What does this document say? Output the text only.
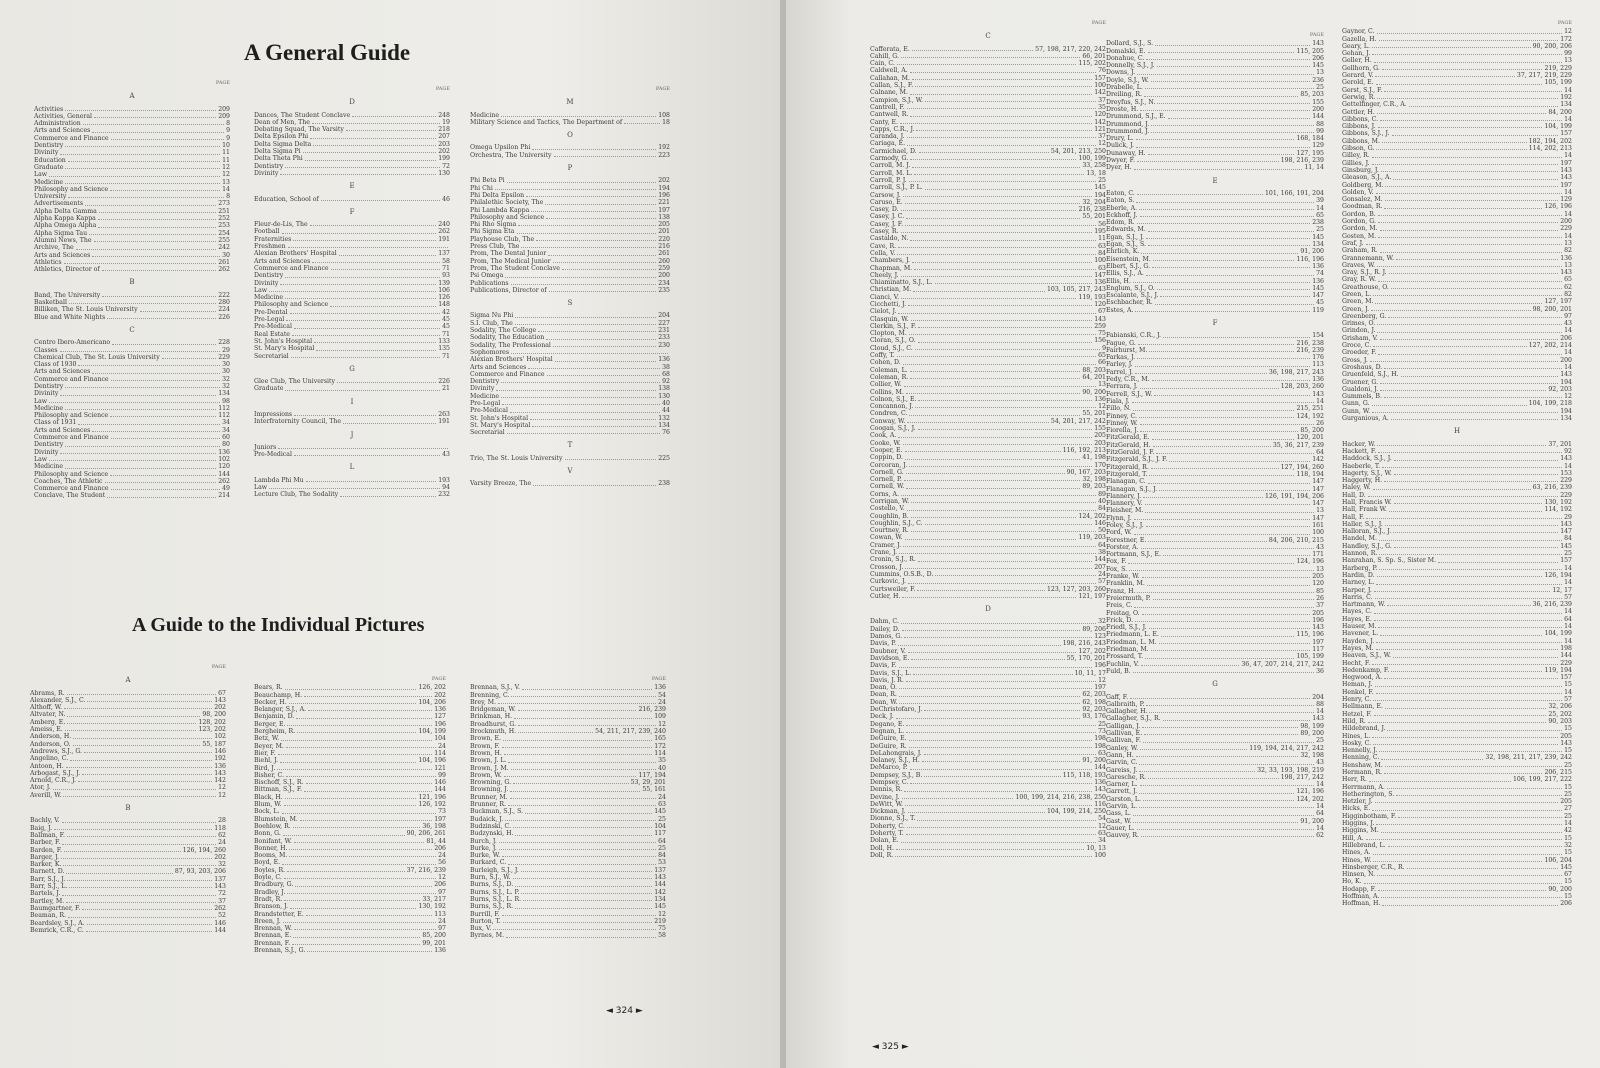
A General Guide
PAGE
A
Activities	209
Activities, General	209
Administration	8
Arts and Sciences	9
Commerce and Finance	9
Dentistry	10
Divinity	11
Education	11
Graduate	12
Law	12
Medicine	13
Philosophy and Science	14
University	8
Advertisements	273
Alpha Delta Gamma	251
Alpha Kappa Kappa	252
Alpha Omega Alpha	253
Alpha Sigma Tau	254
Alumni News, The	255
Archive, The	242
Arts and Sciences	30
Athletics	261
Athletics, Director of	262
B
Band, The University	222
Basketball	280
Billiken, The St. Louis University	224
Blue and White Nights	226
C
Centro Ibero-Americano	228
Classes	29
Chemical Club, The St. Louis University	229
Class of 1930	30
Arts and Sciences	30
Commerce and Finance	32
Dentistry	32
Divinity	134
Law	98
Medicine	112
Philosophy and Science	112
Class of 1931	34
Arts and Sciences	34
Commerce and Finance	60
Dentistry	80
Divinity	136
Law	102
Medicine	120
Philosophy and Science	144
Coaches, The Athletic	262
Commerce and Finance	49
Conclave, The Student	214
PAGE
D
Dances, The Student Conclave	248
Dean of Men, The	19
Debating Squad, The Varsity	218
Delta Epsilon Phi	207
Delta Sigma Delta	203
Delta Sigma Pi	202
Delta Theta Phi	199
Dentistry	72
Divinity	130
E
Education, School of	46
F
Fleur-de-Lis, The	240
Football	262
Fraternities	191
Freshmen
Alexian Brothers' Hospital	137
Arts and Sciences	58
Commerce and Finance	71
Dentistry	93
Divinity	139
Law	106
Medicine	126
Philosophy and Science	148
Pre-Dental	42
Pre-Legal	45
Pre-Medical	45
Real Estate	71
St. John's Hospital	133
St. Mary's Hospital	135
Secretarial	71
G
Glee Club, The University	226
Graduate	21
I
Impressions	263
Interfraternity Council, The	191
J
Juniors
Pre-Medical	43
L
Lambda Phi Mu	193
Law	94
Lecture Club, The Sodality	232
PAGE
M
Medicine	108
Military Science and Tactics, The Department of	18
O
Omega Upsilon Phi	192
Orchestra, The University	223
P
Phi Beta Pi	202
Phi Chi	194
Phi Delta Epsilon	196
Philalethic Society, The	221
Phi Lambda Kappa	197
Philosophy and Science	138
Phi Rho Sigma	205
Phi Sigma Eta	201
Playhouse Club, The	220
Press Club, The	216
Prom, The Dental Junior	261
Prom, The Medical Junior	260
Prom, The Student Conclave	259
Psi Omega	200
Publications	234
Publications, Director of	235
S
Sigma Nu Phi	204
S.I. Club, The	227
Sodality, The College	231
Sodality, The Education	233
Sodality, The Professional	230
Sophomores
Alexian Brothers' Hospital	136
Arts and Sciences	38
Commerce and Finance	68
Dentistry	92
Divinity	138
Medicine	130
Pre-Legal	40
Pre-Medical	44
St. John's Hospital	132
St. Mary's Hospital	134
Secretarial	76
T
Trio, The St. Louis University	225
V
Varsity Breeze, The	238
A Guide to the Individual Pictures
PAGE
A
Abrams, R.	67
Alexander, S.J., C.	143
Althoff, W.	202
Altvater, N.	98, 200
Amberg, E.	128, 202
Ameiss, E.	123, 202
Anderson, H.	102
Anderson, O.	55, 187
Andrews, S.J., G.	146
Angelino, C.	192
Antoon, H.	136
Arbogast, S.J., J.	143
Arnold, C.R., J.	142
Ator, J.	12
Averill, W.	12
B
Bachly, V.	28
Baig, J.	118
Ballman, F.	62
Barber, F.	24
Barden, F.	126, 194, 260
Barger, J.	202
Barker, K.	32
Barnett, D.	87, 93, 203, 206
Barr, S.J., J.	137
Barr, S.J., L.	143
Bartels, J.	72
Bartley, M.	37
Baumgartner, F.	262
Beaman, R.	52
Beardsley, S.J., A.	146
Bemrick, C.R., C.	144
PAGE
Bears, R.	126, 202
Beauchamp, H.	202
Becker, H.	104, 206
Belanger, S.J., A.	136
Benjamin, D.	127
Berger, E.	196
Bergheim, R.	104, 199
Betz, W.	104
Beyer, M.	24
Bier, F.	114
Biehl, J.	104, 196
Bird, J.	121
Bisher, C.	99
Bischoff, S.J., R.	146
Bittman, S.J., F.	144
Black, H.	121, 196
Blum, W.	126, 192
Bock, L.	73
Blumstein, M.	197
Boehlow, R.	36, 198
Bonn, G.	90, 206, 261
Bonifant, W.	81, 44
Bonner, H.	206
Booms, M.	24
Boyd, E.	56
Boyles, R.	37, 216, 239
Boyle, C.	12
Bradbury, G.	206
Bradley, J.	97
Bradt, R.	33, 217
Branson, J.	130, 192
Brandstetter, E.	113
Breen, J.	24
Brennan, W.	97
Brennan, E.	85, 200
Brennan, F.	99, 201
Brennan, S.J., G.	136
PAGE
Brennan, S.J., V.	136
Brenning, C.	54
Brey, M.	24
Bridgeman, W.	216, 239
Brinkman, H.	109
Broadhurst, G.	12
Brockmuth, H.	54, 211, 217, 239, 240
Brown, E.	165
Brown, F.	172
Brown, H.	114
Brown, J. L.	35
Brown, J. M.	40
Brown, W.	117, 194
Browning, G.	53, 29, 201
Browning, J.	55, 161
Brunner, M.	24
Brunner, R.	63
Buckman, S.J., S.	145
Budaick, J.	25
Budzinski, C.	104
Budzynski, H.	117
Burch, J.	64
Burke, J.	25
Burke, W.	84
Burkard, C.	53
Burleigh, S.J., J.	137
Burn, S.J., W.	143
Burns, S.J., D.	144
Burns, S.J., L. P.	142
Burns, S.J., L. R.	134
Burns, S.J., R.	145
Burrill, F.	12
Burton, T.	219
Bux, V.	75
Byrnes, M.	58
◄ 324 ►
PAGE
C
Cafferata, E.	57, 198, 217, 220, 242
Cahill, G.	66, 201
Cain, C.	115, 202
Caldwell, A.	76
Callahan, M.	157
Callan, S.J., F.	100
Calnane, M.	142
Campion, S.J., W.	37
Cantrell, F.	35
Cantwell, R.	120
Canty, E.	142
Capps, C.R., J.	121
Caranda, J.	37
Cariaga, E.	12
Carmichael, D.	54, 201, 213, 250
Carmody, G.	100, 199
Carroll, M. J.	33, 258
Carroll, M. L.	13, 18
Carroll, P. J.	25
Carroll, S.J., P. L.	145
Carsow, J.	194
Caruso, E.	32, 204
Casey, D.	216, 238
Casey, J. C.	55, 201
Casey, J. F.	56
Casey, R.	195
Castaldo, N.	11
Cave, R.	63
Cella, V.	84
Chambers, J.	100
Chapman, M.	63
Cheely, J.	147
Chiaminatto, S.J., L.	136
Christian, M.	103, 105, 217, 243
Cianci, V.	119, 193
Cicchetti, J.	120
Cielot, J.	67
Clasquin, W.	143
Clerkin, S.J., F.	259
Clopton, M.	75
Cloran, S.J., O.	156
Cloud, S.J., C.	9
Coffy, T.	65
Cohen, D.	66
Coleman, L.	88, 203
Coleman, R.	64, 201
Collier, W.	13
Collins, M.	90, 200
Colnon, S.J., E.	136
Concannon, J.	12
Condren, C.	55, 201
Conway, W.	54, 201, 217, 242
Coogan, S.J., J.	155
Cook, A.	205
Cooke, W.	203
Cooper, E.	116, 192, 213
Coppin, D.	41, 198
Corcoran, J.	170
Cornell, G.	90, 167, 203
Cornell, P.	32, 198
Cornell, W.	89, 203
Corns, A.	89
Corrigan, W.	40
Costello, V.	84
Coughlin, B.	124, 202
Coughlin, S.J., C.	146
Courtney, R.	50
Cowan, W.	119, 203
Cramer, J.	64
Crane, J.	38
Cronin, S.J., R.	144
Crosson, J.	207
Cummins, O.S.B., D.	24
Curkovic, J.	57
Curtsweiler, F.	123, 127, 203, 260
Cutler, H.	121, 197
D
Dahm, C.	32
Dailey, D.	89, 206
Damos, G.	123
Davis, P.	198, 216, 243
Daubner, V.	127, 202
Davidson, E.	55, 170, 201
Davis, F.	196
Davis, S.J., L.	10, 11, 17
Davis, J. R.	12
Dean, O.	197
Dean, R.	62, 203
Dean, W.	62, 198
DeChristofaro, J.	92, 203
Deck, J.	93, 176
Degano, E.	25
Degnan, L.	73
DeGuire, E.	198
DeGuire, R.	198
DeLahongrais, J.	63
Delaney, S.J., H.	91, 200
DeMarco, P.	144
Dempsey, S.J., B.	115, 118, 193
Dempsey, C.	136
Dennis, R.	143
Devine, J.	100, 199, 214, 216, 238, 250
DeWitt, W.	116
Dickman, J.	104, 199, 214, 250
Dionne, S.J., T.	54
Doherty, C.	12
Doherty, T.	63
Dolan, E.	34
Doll, H.	10, 13
Doll, R.	100
PAGE
Dollard, S.J., S.	143
Domalski, E.	115, 205
Donahue, C.	206
Donnelly, S.J., J.	145
Downs, J.	13
Doyle, S.J., W.	236
Drabelle, L.	25
Dreiling, R.	85, 203
Dreyfus, S.J., N.	155
Droste, H.	200
Drummond, S.J., E.	144
Drummond, J.	88
Drummond, J.	99
Drury, L.	168, 184
Dulick, J.	129
Dunaway, H.	127, 195
Dwyer, F.	198, 216, 239
Dyer, H.	11, 14
E
Eaton, C.	101, 166, 191, 204
Eaton, S.	39
Eberle, A.	14
Eckhoff, J.	65
Edom, R.	238
Edwards, M.	25
Egan, S.J., J.	145
Egan, S.J., S.	134
Ehrlich, K.	91, 200
Eisenstein, M.	116, 196
Elbert, S.J., G.	136
Ellis, S.J., A.	74
Ellis, H.	136
Englum, S.J., O.	145
Escalante, S.J., J.	147
Eschbacher, R.	45
Estes, A.	119
F
Fabianski, C.R., J.	154
Fague, G.	216, 238
Fairhurst, M.	216, 239
Farkas, J.	176
Farley, J.	113
Farrel, J.	36, 198, 217, 243
Fedy, C.R., M.	136
Ferrara, J.	128, 203, 260
Ferrell, S.J., W.	143
Fiala, J.	14
Fillo, N.	215, 251
Finney, C.	124, 192
Finney, W.	26
Fiorella, J.	85, 200
FitzGerald, E.	120, 201
FitzGerald, H.	35, 36, 217, 239
FitzGerald, J. F.	64
Fitzgerald, S.J., J. F.	142
Fitzgerald, R.	127, 194, 260
Fitzgerald, T.	118, 194
Flanagan, C.	147
Flanagan, S.J., J.	147
Flannery, J.	126, 191, 194, 206
Flannery, V.	147
Fleisher, M.	13
Flynn, J.	147
Foley, S.J., J.	161
Ford, W.	100
Forestner, E.	84, 206, 210, 215
Forster, A.	43
Fortmann, S.J., E.	171
Fox, F.	124, 196
Fox, S.	13
Franke, W.	205
Franklin, M.	120
Franz, H.	85
Freiermuth, P.	26
Freis, C.	37
Freitag, O.	205
Frick, D.	196
Friedl, S.J., J.	143
Friedmann, L. E.	115, 196
Friedman, L. M.	197
Friedman, M.	117
Frossard, T.	105, 199
Fuchlin, V.	36, 47, 207, 214, 217, 242
Fuld, B.	36
G
Gaff, F.	204
Galbraith, P.	88
Gallagher, H.	14
Gallagher, S.J., R.	143
Galligan, J.	98, 199
Gallivan, E.	89, 200
Gallivan, F.	25
Ganley, W.	119, 194, 214, 217, 242
Gann, H.	32, 198
Garvin, C.	43
Gareiss, J.	32, 33, 193, 198, 219
Garesche, R.	198, 217, 242
Garner, L.	14
Garrett, J.	121, 196
Garston, L.	124, 202
Garvin, L.	14
Gass, L.	64
Gast, W.	91, 200
Gauer, L.	14
Gauvey, R.	62
PAGE
Gaynor, C.	12
Gazella, H.	172
Geary, L.	90, 200, 206
Gehan, J.	99
Geller, H.	13
Gellhorn, G.	219, 229
Gerard, V.	37, 217, 219, 229
Gerold, E.	105, 199
Gerst, S.J., F.	14
Gerwig, R.	192
Gettelfinger, C.R., A.	134
Gettler, H.	84, 200
Gibbons, C.	14
Gibbons, J.	104, 199
Gibbons, S.J., J.	157
Gibbons, M.	182, 194, 202
Gibson, G.	114, 202, 213
Gilley, R.	14
Gillies, J.	197
Ginsburg, J.	143
Gleason, S.J., A.	143
Goldberg, M.	197
Golden, V.	14
Gonsalez, M.	129
Goodman, R.	126, 196
Gordon, B.	14
Gordon, G.	200
Gordon, M.	229
Gosten, M.	14
Graf, J.	13
Graham, R.	82
Grannemann, W.	136
Graves, W.	13
Gray, S.J., R. J.	143
Gray, R. W.	65
Greathouse, O.	62
Green, L.	82
Green, M.	127, 197
Green, J.	98, 200, 201
Greenberg, G.	97
Grimes, O.	43
Grindon, J.	14
Grisham, V.	206
Groce, C.	127, 202, 214
Groeder, F.	14
Gross, J.	200
Groshaus, D.	14
Gruenfeld, S.J., H.	143
Gruener, G.	194
Gualdoni, J.	92, 203
Gummels, B.	12
Gunn, G.	104, 199, 218
Gunn, W.	194
Gurganious, A.	134
H
Hacker, W.	37, 201
Hackett, F.	92
Haddock, S.J., J.	143
Haeberle, T.	14
Hagerty, S.J., W.	153
Haggerty, H.	229
Haley, W.	63, 216, 239
Hall, D.	229
Hall, Francis W.	130, 192
Hall, Frank W.	114, 192
Hall, F.	29
Haller, S.J., J.	143
Halloran, S.J., J.	147
Handel, M.	84
Handley, S.J., G.	145
Hannon, R.	25
Hanrahan, S. Sp. S., Sister M.	157
Harberg, P.	14
Hardin, D.	126, 194
Harney, L.	14
Harper, J.	12, 17
Harris, C.	57
Hartmann, W.	36, 216, 239
Hayes, C.	14
Hayes, E.	64
Hauser, M.	14
Havener, L.	104, 199
Hayden, J.	14
Hayes, M.	198
Heaven, S.J., W.	144
Hecht, F.	229
Hedenkamp, F.	119, 194
Hegwood, A.	157
Heman, J.	15
Henkel, F.	14
Henry, C.	57
Hellmann, E.	32, 206
Hetzel, F.	25, 202
Hild, R.	90, 203
Hildebrand, J.	15
Hines, L.	205
Hosky, C.	143
Hennelly, J.	15
Henning, C.	32, 198, 211, 217, 239, 242
Henshaw, M.	25
Hermann, R.	206, 215
Herr, R.	106, 199, 217, 222
Herrmann, A.	15
Hetherington, S.	25
Hetzler, J.	205
Hicks, E.	27
Higginbotham, F.	25
Higgins, J.	14
Higgins, M.	42
Hill, A.	15
Hillebrand, L.	32
Hines, A.	15
Hines, W.	106, 204
Hinsberger, C.R., R.	145
Hinsen, N.	67
Ho, K.	15
Hodapp, F.	90, 200
Hoffman, A.	15
Hoffman, H.	206
◄ 325 ►
